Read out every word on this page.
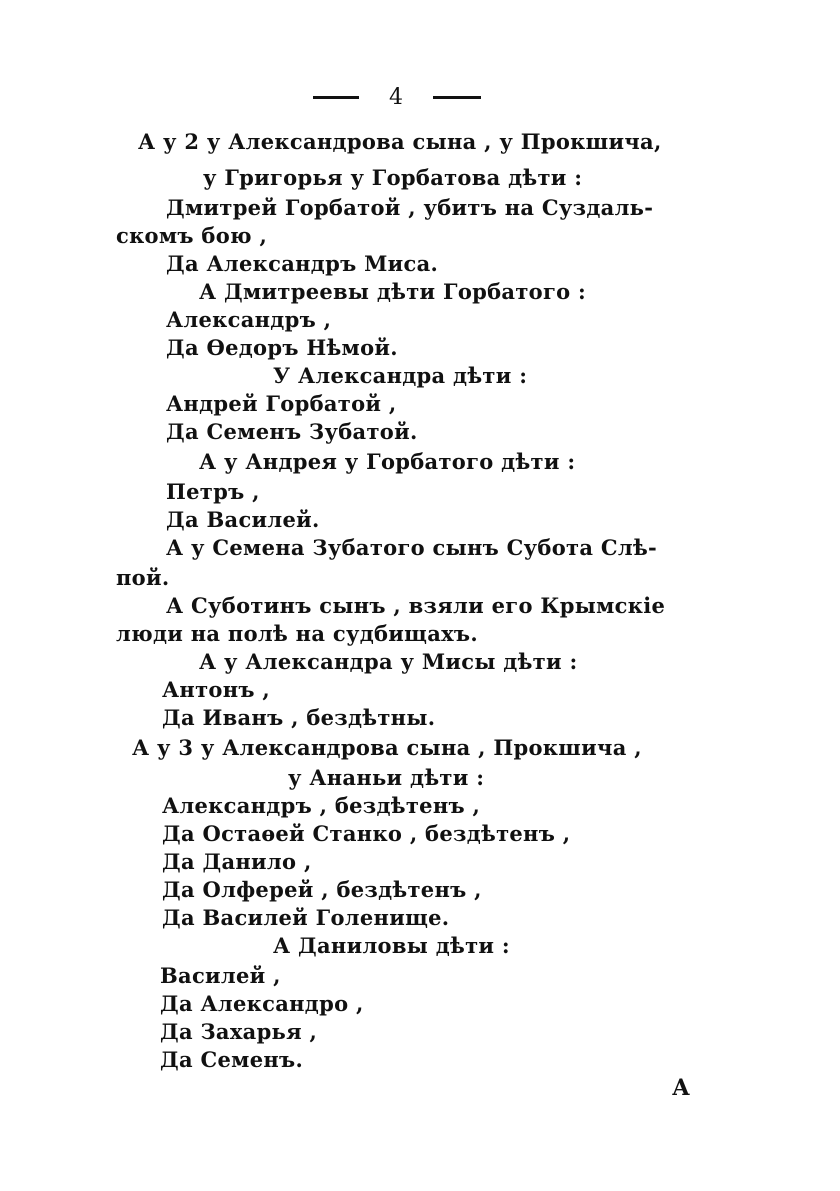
4
А у 2 у Александрова сына , у Прокшича,
у Григорья у Горбатова дѣти :
Дмитрей Горбатой , убитъ на Суздаль-
скомъ бою ,
Да Александръ Миса.
А Дмитреевы дѣти Горбатого :
Александръ ,
Да Ѳедоръ Нѣмой.
У Александра дѣти :
Андрей Горбатой ,
Да Семенъ Зубатой.
А у Андрея у Горбатого дѣти :
Петръ ,
Да Василей.
А у Семена Зубатого сынъ Субота Слѣ-
пой.
А Суботинъ сынъ , взяли его Крымскіе
люди на полѣ на судбищахъ.
А у Александра у Мисы дѣти :
Антонъ ,
Да Иванъ , бездѣтны.
А у 3 у Александрова сына , Прокшича ,
у Ананьи дѣти :
Александръ , бездѣтенъ ,
Да Остаѳей Станко , бездѣтенъ ,
Да Данило ,
Да Олферей , бездѣтенъ ,
Да Василей Голенище.
А Даниловы дѣти :
Василей ,
Да Александро ,
Да Захарья ,
Да Семенъ.
А
